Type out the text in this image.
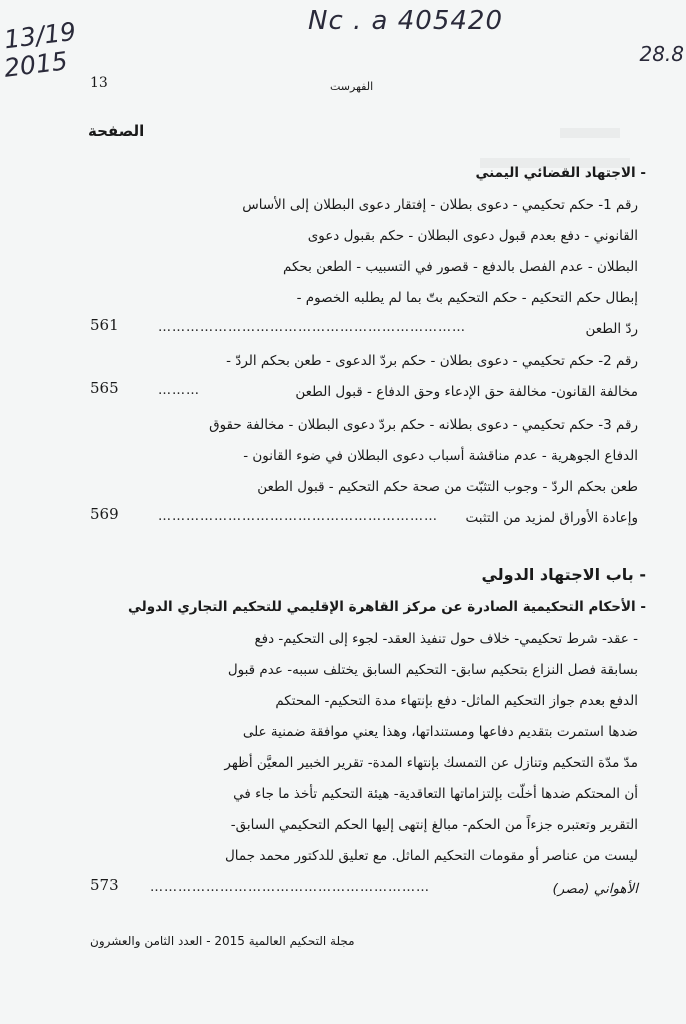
13/19
2015
Nc . a 405420
28.8
13	الفهرست
الصفحة
- الاجتهاد القضائي اليمني
رقم 1- حكم تحكيمي - دعوى بطلان - إفتقار دعوى البطلان إلى الأساس
القانوني - دفع بعدم قبول دعوى البطلان - حكم بقبول دعوى
البطلان - عدم الفصل بالدفع - قصور في التسبيب - الطعن بحكم
إبطال حكم التحكيم - حكم التحكيم بتّ بما لم يطلبه الخصوم -
ردّ الطعن
…………………………………………………………
561
رقم 2- حكم تحكيمي - دعوى بطلان - حكم بردّ الدعوى - طعن بحكم الردّ -
مخالفة القانون- مخالفة حق الإدعاء وحق الدفاع - قبول الطعن
………
565
رقم 3- حكم تحكيمي - دعوى بطلانه - حكم بردّ دعوى البطلان - مخالفة حقوق
الدفاع الجوهرية - عدم مناقشة أسباب دعوى البطلان في ضوء القانون -
طعن بحكم الردّ - وجوب التثبّت من صحة حكم التحكيم - قبول الطعن
وإعادة الأوراق لمزيد من التثبت
……………………………………………………
569
- باب الاجتهاد الدولي
- الأحكام التحكيمية الصادرة عن مركز القاهرة الإقليمي للتحكيم التجاري الدولي
- عقد- شرط تحكيمي- خلاف حول تنفيذ العقد- لجوء إلى التحكيم- دفع
بسابقة فصل النزاع بتحكيم سابق- التحكيم السابق يختلف سببه- عدم قبول
الدفع بعدم جواز التحكيم الماثل- دفع بإنتهاء مدة التحكيم- المحتكم
ضدها استمرت بتقديم دفاعها ومستنداتها، وهذا يعني موافقة ضمنية على
مدّ مدّة التحكيم وتنازل عن التمسك بإنتهاء المدة- تقرير الخبير المعيَّن أظهر
أن المحتكم ضدها أخلّت بإلتزاماتها التعاقدية- هيئة التحكيم تأخذ ما جاء في
التقرير وتعتبره جزءاً من الحكم- مبالغ إنتهى إليها الحكم التحكيمي السابق-
ليست من عناصر أو مقومات التحكيم الماثل. مع تعليق للدكتور محمد جمال
الأهواني (مصر)
……………………………………………………
573
مجلة التحكيم العالمية 2015 - العدد الثامن والعشرون
